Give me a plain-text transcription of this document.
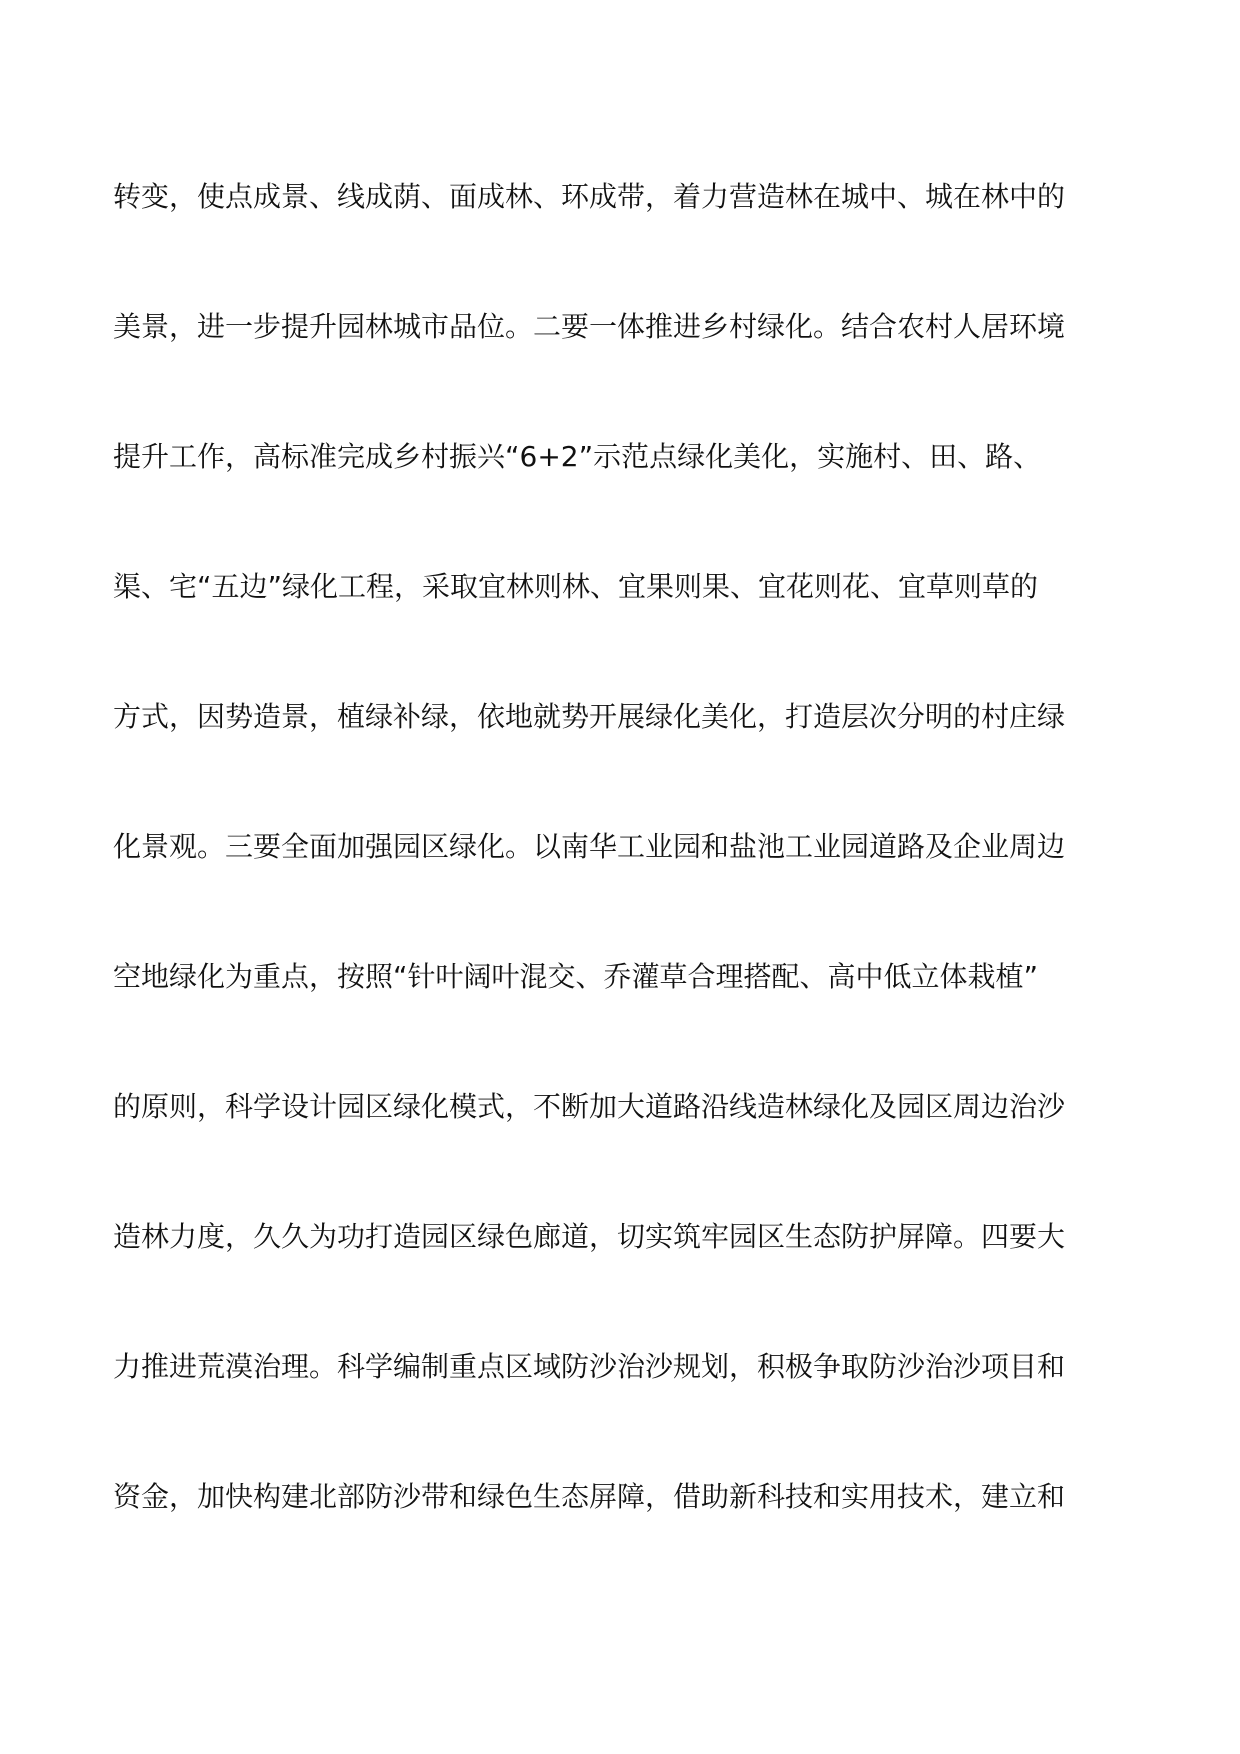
转变，使点成景、线成荫、面成林、环成带，着力营造林在城中、城在林中的
美景，进一步提升园林城市品位。二要一体推进乡村绿化。结合农村人居环境
提升工作，高标准完成乡村振兴“6+2”示范点绿化美化，实施村、田、路、
渠、宅“五边”绿化工程，采取宜林则林、宜果则果、宜花则花、宜草则草的
方式，因势造景，植绿补绿，依地就势开展绿化美化，打造层次分明的村庄绿
化景观。三要全面加强园区绿化。以南华工业园和盐池工业园道路及企业周边
空地绿化为重点，按照“针叶阔叶混交、乔灌草合理搭配、高中低立体栽植”
的原则，科学设计园区绿化模式，不断加大道路沿线造林绿化及园区周边治沙
造林力度，久久为功打造园区绿色廊道，切实筑牢园区生态防护屏障。四要大
力推进荒漠治理。科学编制重点区域防沙治沙规划，积极争取防沙治沙项目和
资金，加快构建北部防沙带和绿色生态屏障，借助新科技和实用技术，建立和
